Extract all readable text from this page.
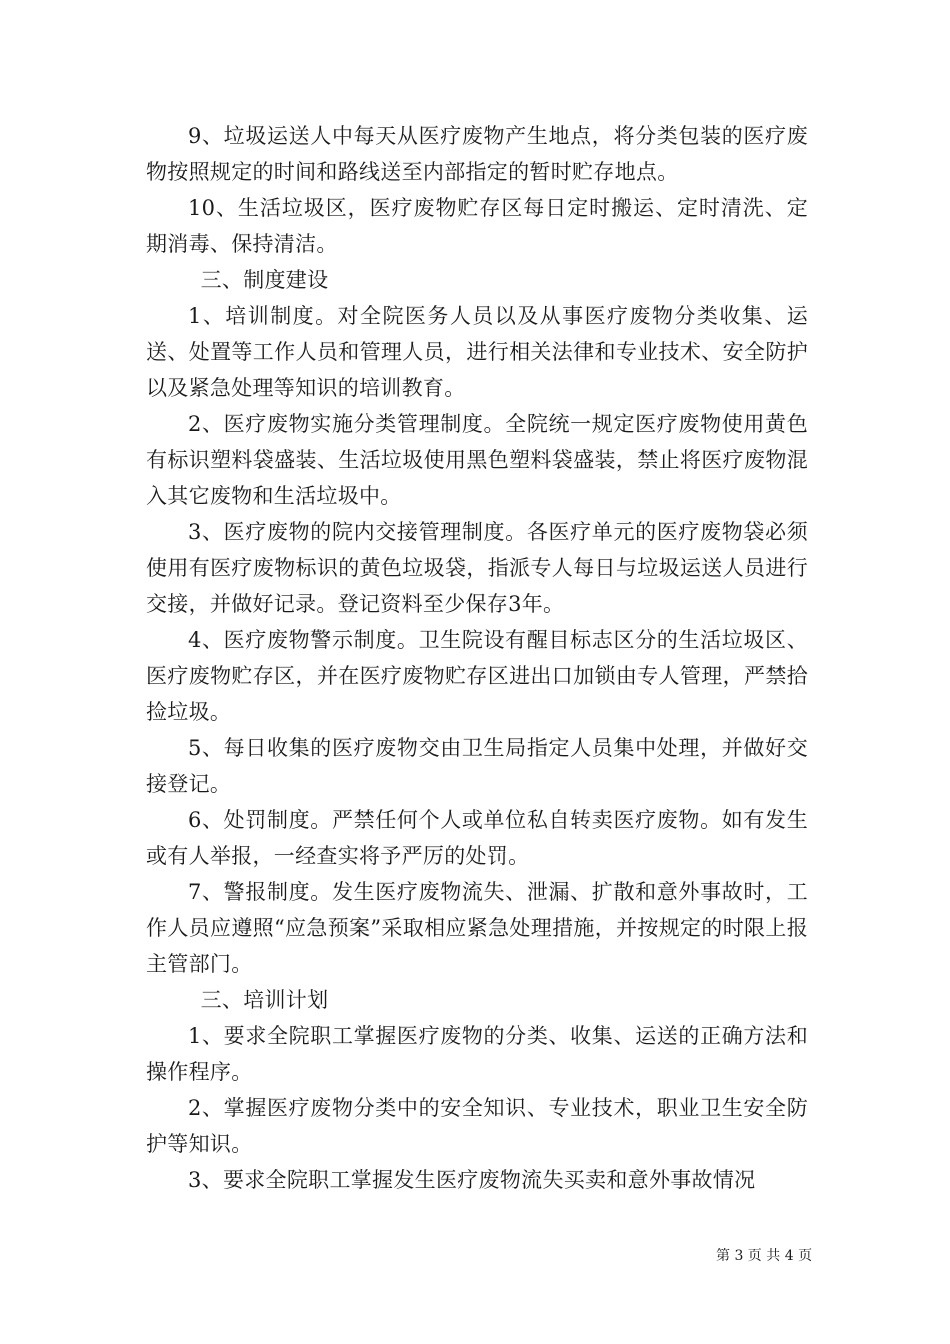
9、垃圾运送人中每天从医疗废物产生地点，将分类包装的医疗废物按照规定的时间和路线送至内部指定的暂时贮存地点。

10、生活垃圾区，医疗废物贮存区每日定时搬运、定时清洗、定期消毒、保持清洁。

三、制度建设

1、培训制度。对全院医务人员以及从事医疗废物分类收集、运送、处置等工作人员和管理人员，进行相关法律和专业技术、安全防护以及紧急处理等知识的培训教育。

2、医疗废物实施分类管理制度。全院统一规定医疗废物使用黄色有标识塑料袋盛装、生活垃圾使用黑色塑料袋盛装，禁止将医疗废物混入其它废物和生活垃圾中。

3、医疗废物的院内交接管理制度。各医疗单元的医疗废物袋必须使用有医疗废物标识的黄色垃圾袋，指派专人每日与垃圾运送人员进行交接，并做好记录。登记资料至少保存3年。

4、医疗废物警示制度。卫生院设有醒目标志区分的生活垃圾区、医疗废物贮存区，并在医疗废物贮存区进出口加锁由专人管理，严禁拾捡垃圾。

5、每日收集的医疗废物交由卫生局指定人员集中处理，并做好交接登记。

6、处罚制度。严禁任何个人或单位私自转卖医疗废物。如有发生或有人举报，一经查实将予严厉的处罚。

7、警报制度。发生医疗废物流失、泄漏、扩散和意外事故时，工作人员应遵照“应急预案”采取相应紧急处理措施，并按规定的时限上报主管部门。

三、培训计划

1、要求全院职工掌握医疗废物的分类、收集、运送的正确方法和操作程序。

2、掌握医疗废物分类中的安全知识、专业技术，职业卫生安全防护等知识。

3、要求全院职工掌握发生医疗废物流失买卖和意外事故情况

第 3 页 共 4 页
